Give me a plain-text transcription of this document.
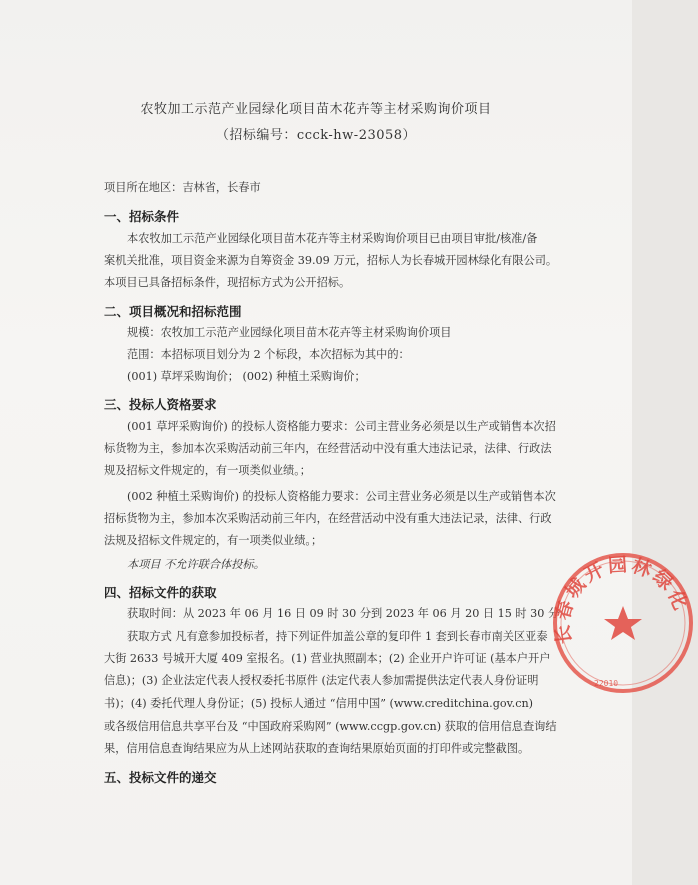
农牧加工示范产业园绿化项目苗木花卉等主材采购询价项目
（招标编号：ccck-hw-23058）
项目所在地区：吉林省，长春市
一、招标条件
本农牧加工示范产业园绿化项目苗木花卉等主材采购询价项目已由项目审批/核准/备
案机关批准，项目资金来源为自筹资金 39.09 万元，招标人为长春城开园林绿化有限公司。
本项目已具备招标条件，现招标方式为公开招标。
二、项目概况和招标范围
规模：农牧加工示范产业园绿化项目苗木花卉等主材采购询价项目
范围：本招标项目划分为 2 个标段，本次招标为其中的：
(001) 草坪采购询价； (002) 种植土采购询价；
三、投标人资格要求
(001 草坪采购询价) 的投标人资格能力要求：公司主营业务必须是以生产或销售本次招
标货物为主，参加本次采购活动前三年内，在经营活动中没有重大违法记录，法律、行政法
规及招标文件规定的，有一项类似业绩。；
(002 种植土采购询价) 的投标人资格能力要求：公司主营业务必须是以生产或销售本次
招标货物为主，参加本次采购活动前三年内，在经营活动中没有重大违法记录，法律、行政
法规及招标文件规定的，有一项类似业绩。；
本项目 不允许联合体投标。
四、招标文件的获取
获取时间：从 2023 年 06 月 16 日 09 时 30 分到 2023 年 06 月 20 日 15 时 30 分
获取方式 凡有意参加投标者，持下列证件加盖公章的复印件 1 套到长春市南关区亚泰
大街 2633 号城开大厦 409 室报名。(1) 营业执照副本；(2) 企业开户许可证 (基本户开户
信息)；(3) 企业法定代表人授权委托书原件 (法定代表人参加需提供法定代表人身份证明
书)；(4) 委托代理人身份证；(5) 投标人通过 “信用中国” (www.creditchina.gov.cn)
或各级信用信息共享平台及 “中国政府采购网” (www.ccgp.gov.cn) 获取的信用信息查询结
果，信用信息查询结果应为从上述网站获取的查询结果原始页面的打印件或完整截图。
五、投标文件的递交
长春城开园林绿化
22010
